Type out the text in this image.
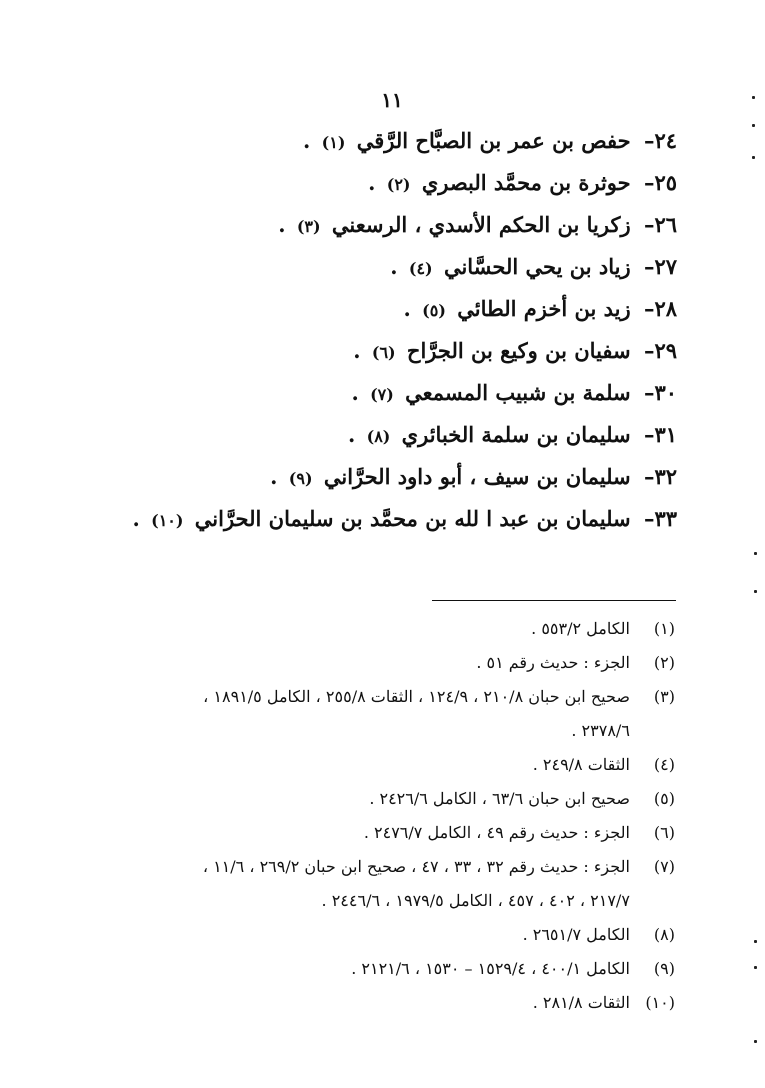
١١
٢٤– حفص بن عمر بن الصبَّاح الرَّقي (١) .
٢٥– حوثرة بن محمَّد البصري (٢) .
٢٦– زكريا بن الحكم الأسدي ، الرسعني (٣) .
٢٧– زياد بن يحي الحسَّاني (٤) .
٢٨– زيد بن أخزم الطائي (٥) .
٢٩– سفيان بن وكيع بن الجرَّاح (٦) .
٣٠– سلمة بن شبيب المسمعي (٧) .
٣١– سليمان بن سلمة الخبائري (٨) .
٣٢– سليمان بن سيف ، أبو داود الحرَّاني (٩) .
٣٣– سليمان بن عبد ا لله بن محمَّد بن سليمان الحرَّاني (١٠) .
(١) الكامل ٥٥٣/٢ .
(٢) الجزء : حديث رقم ٥١ .
(٣) صحيح ابن حبان ٢١٠/٨ ، ١٢٤/٩ ، الثقات ٢٥٥/٨ ، الكامل ١٨٩١/٥ ،
٢٣٧٨/٦ .
(٤) الثقات ٢٤٩/٨ .
(٥) صحيح ابن حبان ٦٣/٦ ، الكامل ٢٤٢٦/٦ .
(٦) الجزء : حديث رقم ٤٩ ، الكامل ٢٤٧٦/٧ .
(٧) الجزء : حديث رقم ٣٢ ، ٣٣ ، ٤٧ ، صحيح ابن حبان ٢٦٩/٢ ، ١١/٦ ،
٢١٧/٧ ، ٤٠٢ ، ٤٥٧ ، الكامل ١٩٧٩/٥ ، ٢٤٤٦/٦ .
(٨) الكامل ٢٦٥١/٧ .
(٩) الكامل ٤٠٠/١ ، ١٥٢٩/٤ – ١٥٣٠ ، ٢١٢١/٦ .
(١٠) الثقات ٢٨١/٨ .
